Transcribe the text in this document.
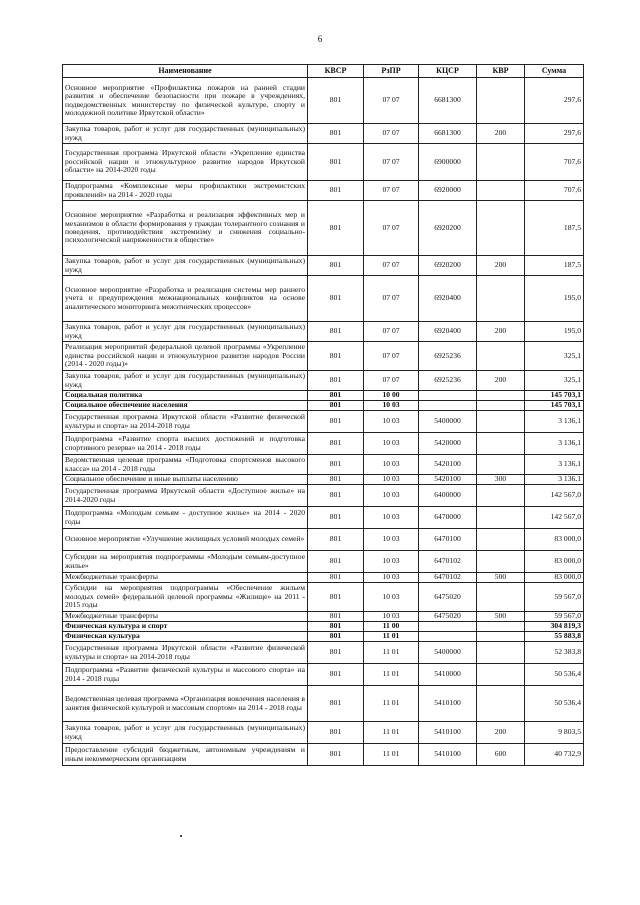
6
Наименование	КВСР	РзПР	КЦСР	КВР	Сумма
Основное мероприятие «Профилактика пожаров на ранней стадии развития и обеспечение безопасности при пожаре в учреждениях, подведомственных министерству по физической культуре, спорту и молодежной политике Иркутской области»	801	07 07	6681300		297,6
Закупка товаров, работ и услуг для государственных (муниципальных) нужд	801	07 07	6681300	200	297,6
Государственная программа Иркутской области «Укрепление единства российской нации и этнокультурное развитие народов Иркутской области» на 2014-2020 годы	801	07 07	6900000		707,6
Подпрограмма «Комплексные меры профилактики экстремистских проявлений» на 2014 - 2020 годы	801	07 07	6920000		707,6
Основное мероприятие «Разработка и реализация эффективных мер и механизмов в области формирования у граждан толерантного сознания и поведения, противодействия экстремизму и снижения социально-психологической напряженности в обществе»	801	07 07	6920200		187,5
Закупка товаров, работ и услуг для государственных (муниципальных) нужд	801	07 07	6920200	200	187,5
Основное мероприятие «Разработка и реализация системы мер раннего учета и предупреждения межнациональных конфликтов на основе аналитического мониторинга межэтнических процессов»	801	07 07	6920400		195,0
Закупка товаров, работ и услуг для государственных (муниципальных) нужд	801	07 07	6920400	200	195,0
Реализация мероприятий федеральной целевой программы «Укрепление единства российской нации и этнокультурное развитие народов России (2014 - 2020 годы)»	801	07 07	6925236		325,1
Закупка товаров, работ и услуг для государственных (муниципальных) нужд	801	07 07	6925236	200	325,1
Социальная политика	801	10 00			145 703,1
Социальное обеспечение населения	801	10 03			145 703,1
Государственная программа Иркутской области «Развитие физической культуры и спорта» на 2014-2018 годы	801	10 03	5400000		3 136,1
Подпрограмма «Развитие спорта высших достижений и подготовка спортивного резерва» на 2014 - 2018 годы	801	10 03	5420000		3 136,1
Ведомственная целевая программа «Подготовка спортсменов высокого класса» на 2014 - 2018 годы	801	10 03	5420100		3 136,1
Социальное обеспечение и иные выплаты населению	801	10 03	5420100	300	3 136,1
Государственная программа Иркутской области «Доступное жилье» на 2014-2020 годы	801	10 03	6400000		142 567,0
Подпрограмма «Молодым семьям - доступное жилье» на 2014 - 2020 годы	801	10 03	6470000		142 567,0
Основное мероприятие «Улучшение жилищных условий молодых семей»	801	10 03	6470100		83 000,0
Субсидии на мероприятия подпрограммы «Молодым семьям-доступное жилье»	801	10 03	6470102		83 000,0
Межбюджетные трансферты	801	10 03	6470102	500	83 000,0
Субсидии на мероприятия подпрограммы «Обеспечение жильем молодых семей» федеральной целевой программы «Жилище» на 2011 - 2015 годы	801	10 03	6475020		59 567,0
Межбюджетные трансферты	801	10 03	6475020	500	59 567,0
Физическая культура и спорт	801	11 00			304 819,3
Физическая культура	801	11 01			55 883,8
Государственная программа Иркутской области «Развитие физической культуры и спорта» на 2014-2018 годы	801	11 01	5400000		52 383,8
Подпрограмма «Развитие физической культуры и массового спорта» на 2014 - 2018 годы	801	11 01	5410000		50 536,4
Ведомственная целевая программа «Организация вовлечения населения в занятия физической культурой и массовым спортом» на 2014 - 2018 годы	801	11 01	5410100		50 536,4
Закупка товаров, работ и услуг для государственных (муниципальных) нужд	801	11 01	5410100	200	9 803,5
Предоставление субсидий бюджетным, автономным учреждениям и иным некоммерческим организациям	801	11 01	5410100	600	40 732,9
